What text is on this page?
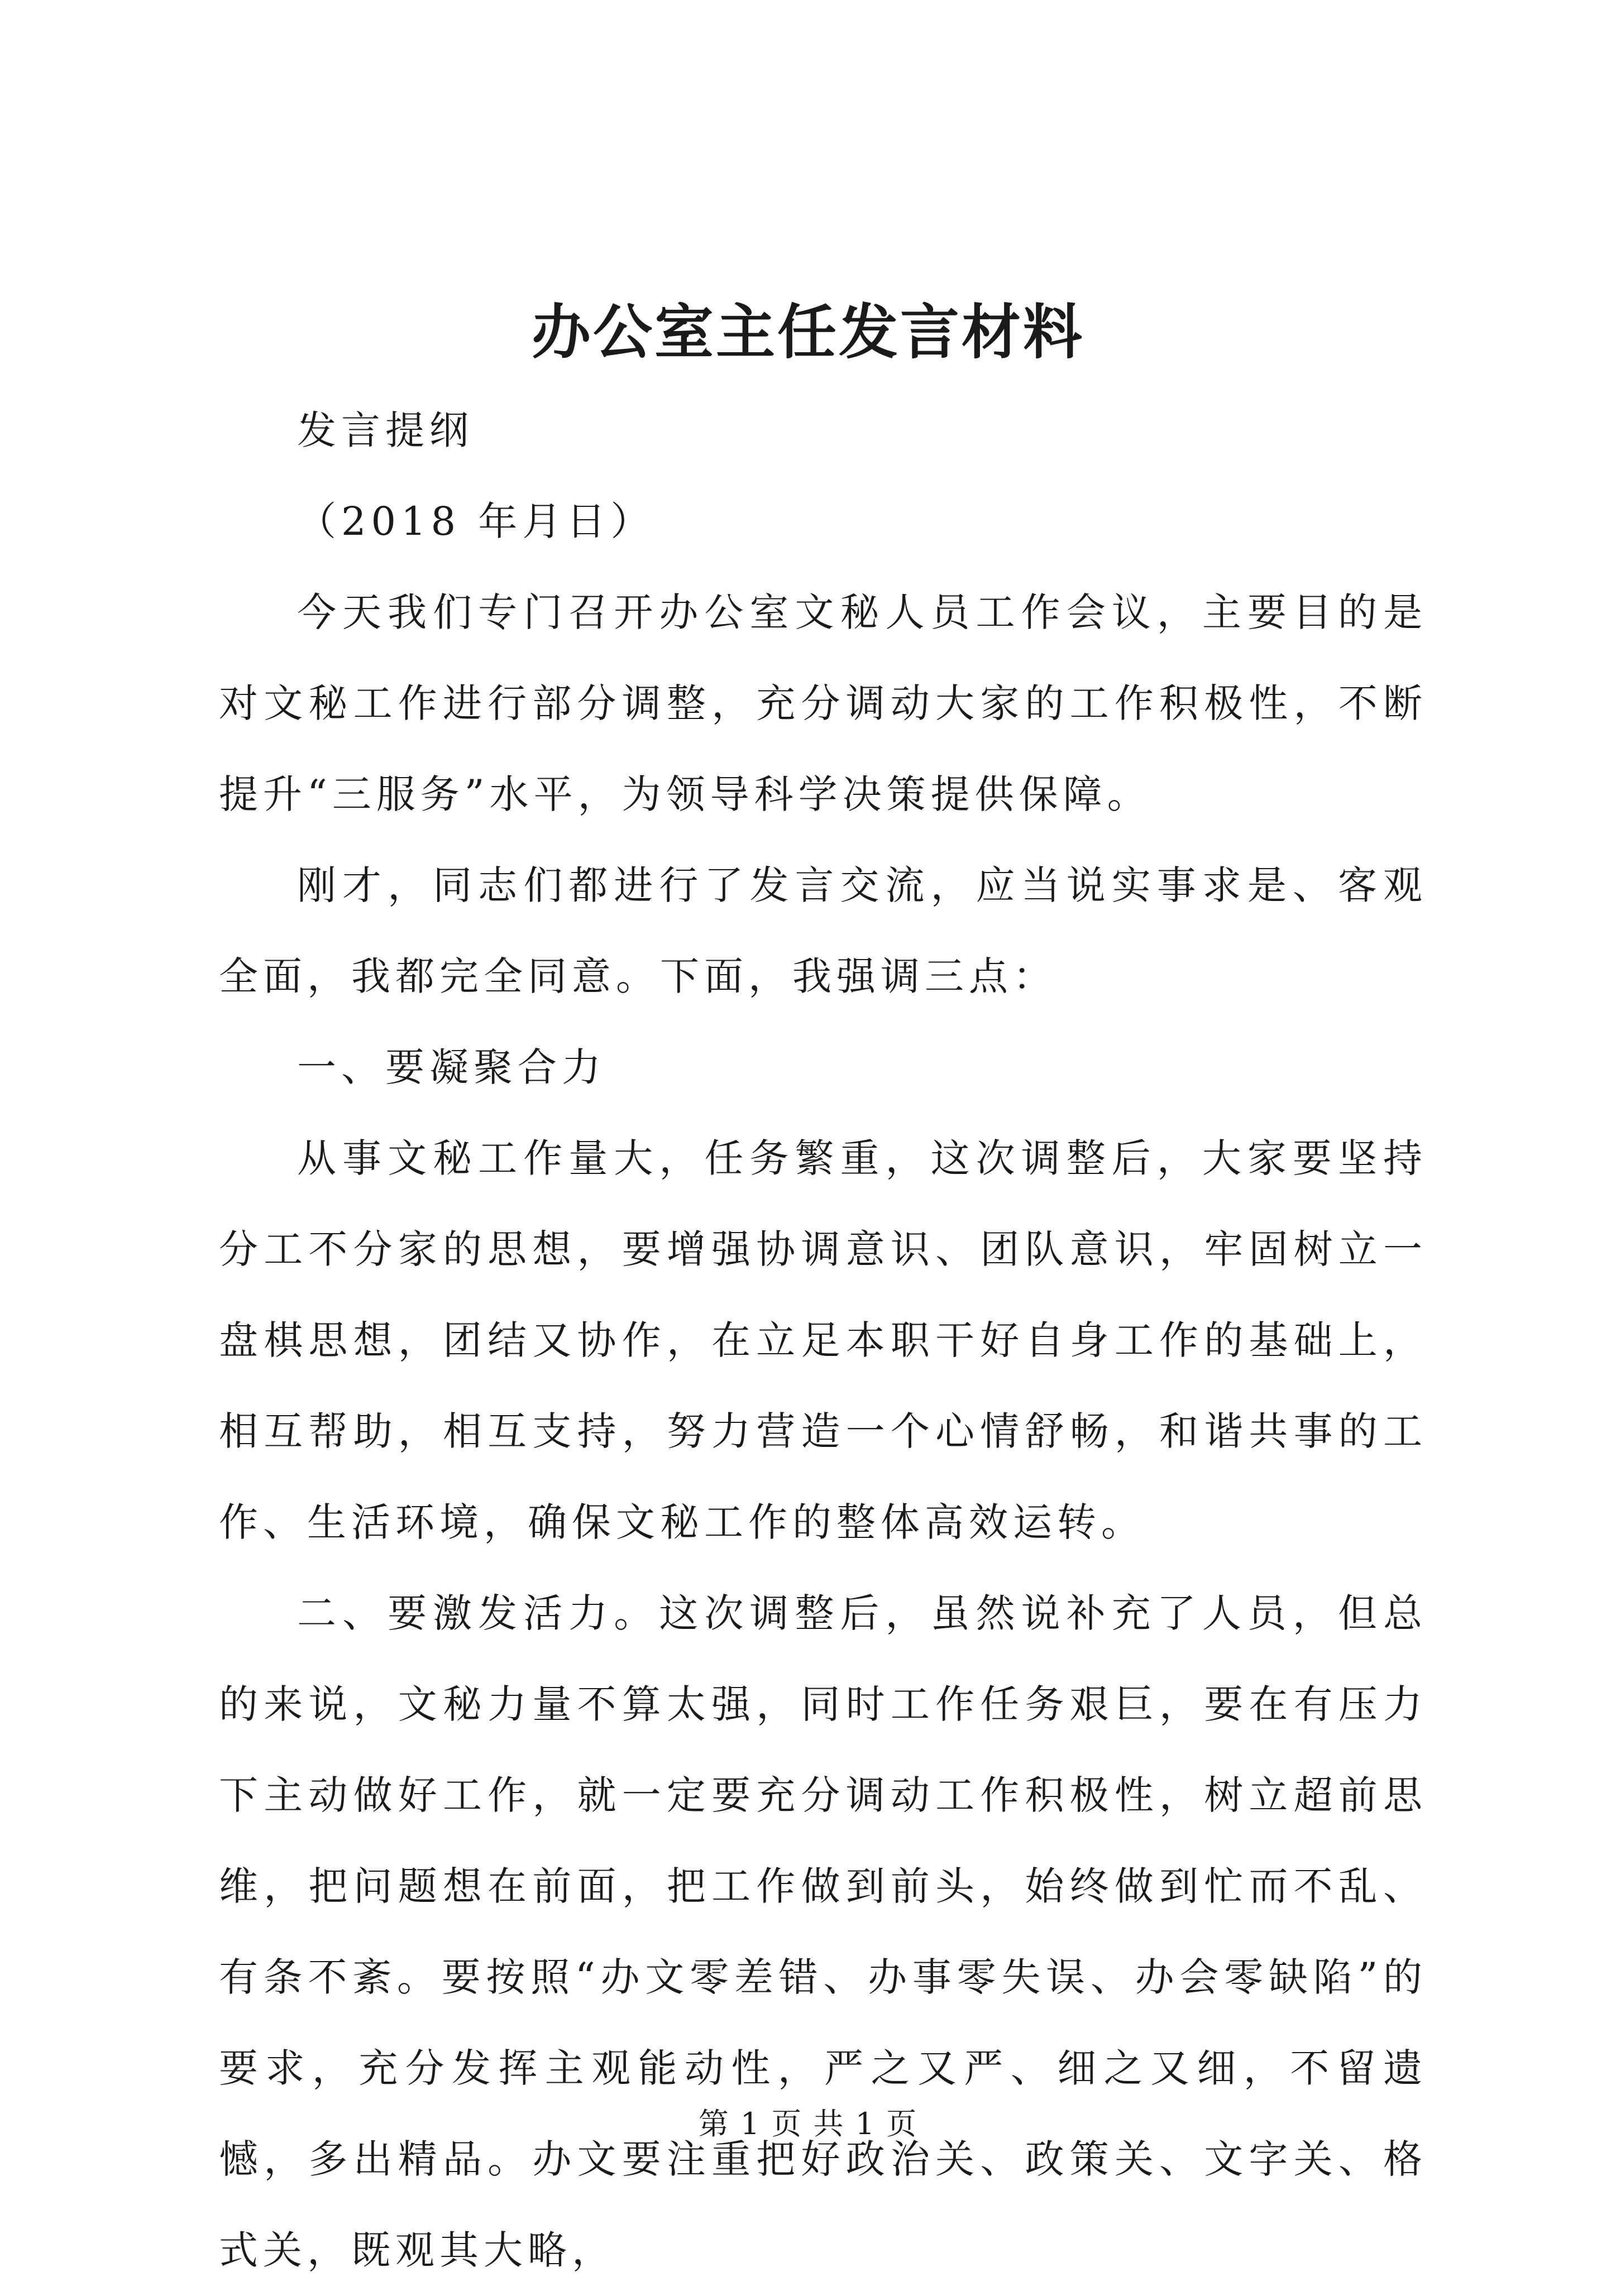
办公室主任发言材料

发言提纲

（2018 年月日）

今天我们专门召开办公室文秘人员工作会议，主要目的是对文秘工作进行部分调整，充分调动大家的工作积极性，不断提升“三服务”水平，为领导科学决策提供保障。

刚才，同志们都进行了发言交流，应当说实事求是、客观全面，我都完全同意。下面，我强调三点：

一、要凝聚合力

从事文秘工作量大，任务繁重，这次调整后，大家要坚持分工不分家的思想，要增强协调意识、团队意识，牢固树立一盘棋思想，团结又协作，在立足本职干好自身工作的基础上，相互帮助，相互支持，努力营造一个心情舒畅，和谐共事的工作、生活环境，确保文秘工作的整体高效运转。

二、要激发活力。这次调整后，虽然说补充了人员，但总的来说，文秘力量不算太强，同时工作任务艰巨，要在有压力下主动做好工作，就一定要充分调动工作积极性，树立超前思维，把问题想在前面，把工作做到前头，始终做到忙而不乱、有条不紊。要按照“办文零差错、办事零失误、办会零缺陷”的要求，充分发挥主观能动性，严之又严、细之又细，不留遗憾，多出精品。办文要注重把好政治关、政策关、文字关、格式关，既观其大略，

第 1 页 共 1 页
